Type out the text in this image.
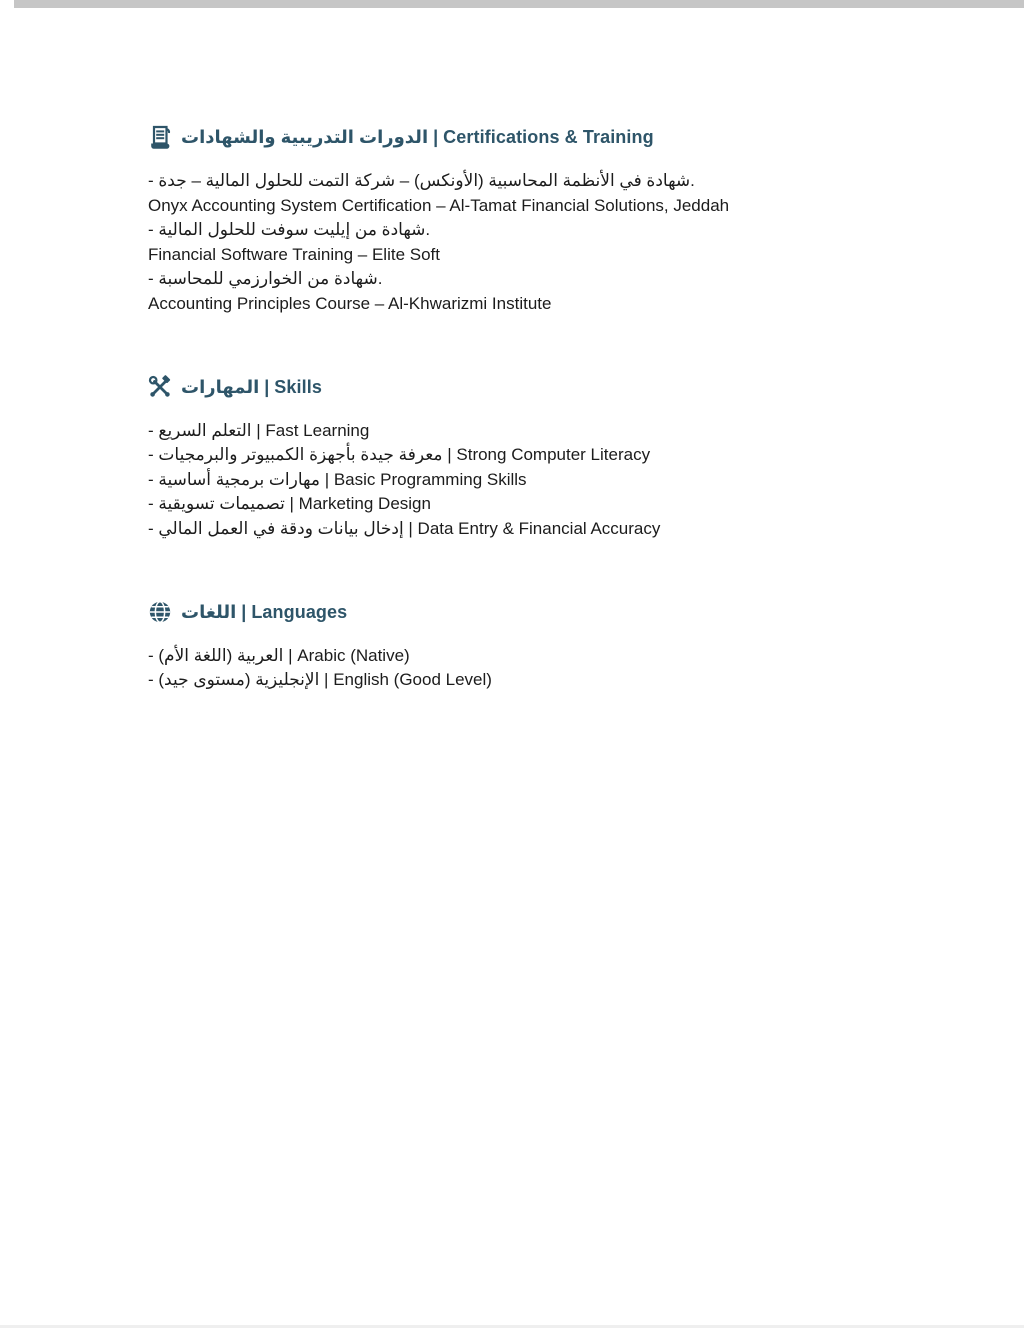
الدورات التدريبية والشهادات | Certifications & Training
- شهادة في الأنظمة المحاسبية (الأونكس) – شركة التمت للحلول المالية – جدة.
Onyx Accounting System Certification – Al-Tamat Financial Solutions, Jeddah
- شهادة من إيليت سوفت للحلول المالية.
Financial Software Training – Elite Soft
- شهادة من الخوارزمي للمحاسبة.
Accounting Principles Course – Al-Khwarizmi Institute
المهارات | Skills
- التعلم السريع | Fast Learning
- معرفة جيدة بأجهزة الكمبيوتر والبرمجيات | Strong Computer Literacy
- مهارات برمجية أساسية | Basic Programming Skills
- تصميمات تسويقية | Marketing Design
- إدخال بيانات ودقة في العمل المالي | Data Entry & Financial Accuracy
اللغات | Languages
- العربية (اللغة الأم) | Arabic (Native)
- الإنجليزية (مستوى جيد) | English (Good Level)
